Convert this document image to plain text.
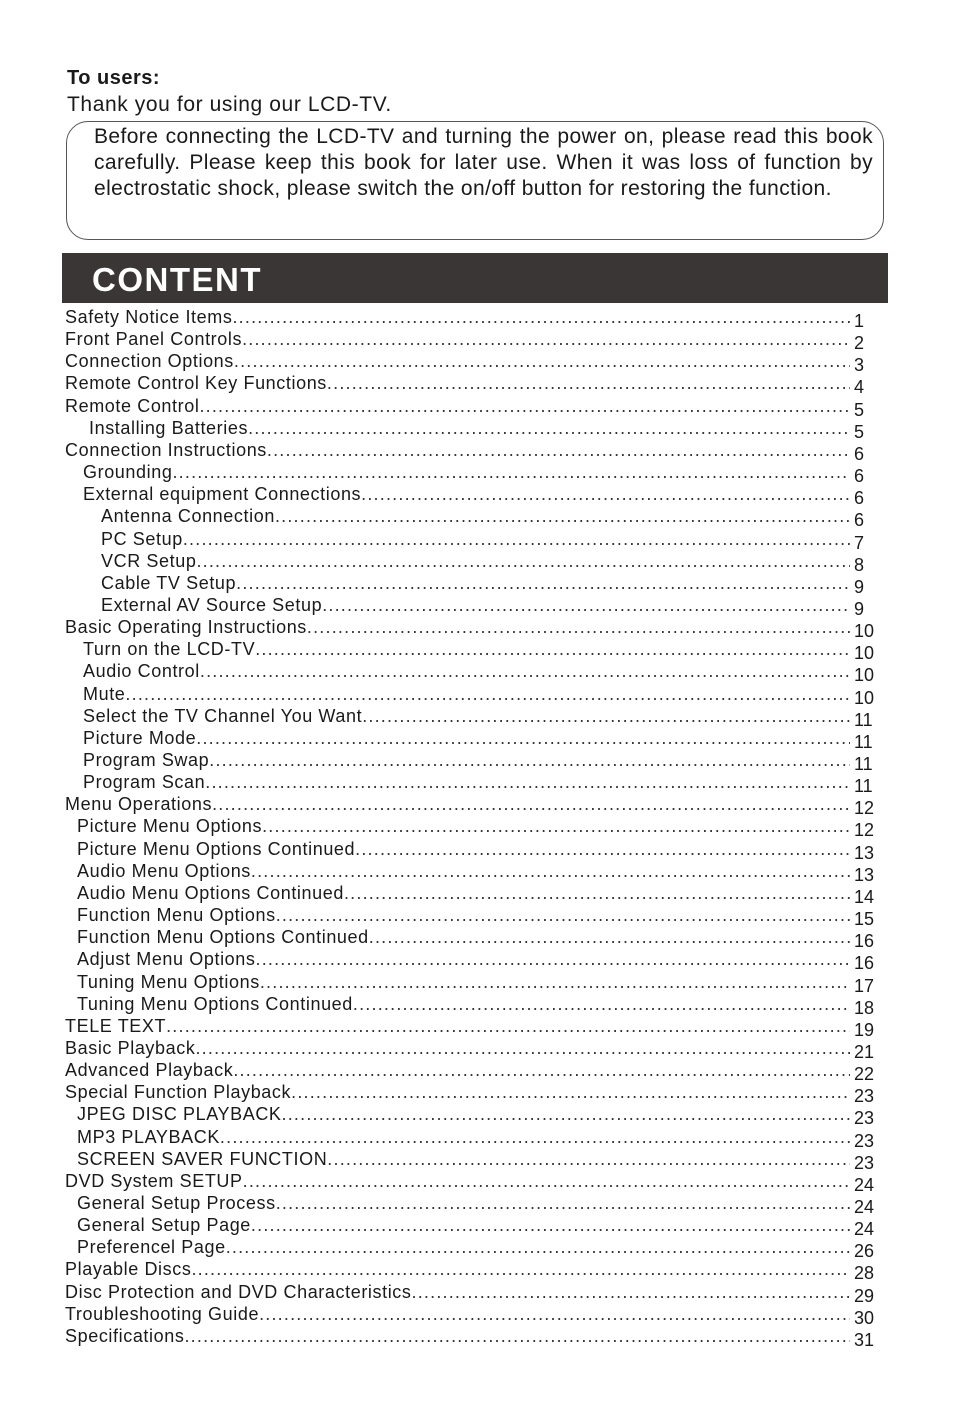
To users:
Thank you for using our LCD-TV.
Before connecting the LCD-TV and turning the power on, please read this book carefully. Please keep this book for later use. When it was loss of function by electrostatic shock, please switch the on/off button for restoring the function.
CONTENT
Safety Notice Items .....	1
Front Panel Controls .....	2
Connection Options .....	3
Remote Control Key Functions .....	4
Remote Control .....	5
Installing Batteries .....	5
Connection Instructions .....	6
Grounding .....	6
External equipment Connections .....	6
Antenna Connection .....	6
PC Setup .....	7
VCR Setup .....	8
Cable TV Setup .....	9
External AV Source Setup .....	9
Basic Operating Instructions .....	10
Turn on the LCD-TV .....	10
Audio Control .....	10
Mute .....	10
Select the TV Channel You Want .....	11
Picture Mode .....	11
Program Swap .....	11
Program Scan .....	11
Menu Operations .....	12
Picture Menu Options .....	12
Picture Menu Options Continued .....	13
Audio Menu Options .....	13
Audio Menu Options Continued .....	14
Function Menu Options .....	15
Function Menu Options Continued .....	16
Adjust Menu Options .....	16
Tuning Menu Options .....	17
Tuning Menu Options Continued .....	18
TELE TEXT .....	19
Basic Playback .....	21
Advanced Playback .....	22
Special Function Playback .....	23
JPEG DISC PLAYBACK .....	23
MP3 PLAYBACK .....	23
SCREEN SAVER FUNCTION .....	23
DVD System SETUP .....	24
General Setup Process .....	24
General Setup Page .....	24
Preferencel Page .....	26
Playable Discs .....	28
Disc Protection and DVD Characteristics .....	29
Troubleshooting Guide .....	30
Specifications .....	31
